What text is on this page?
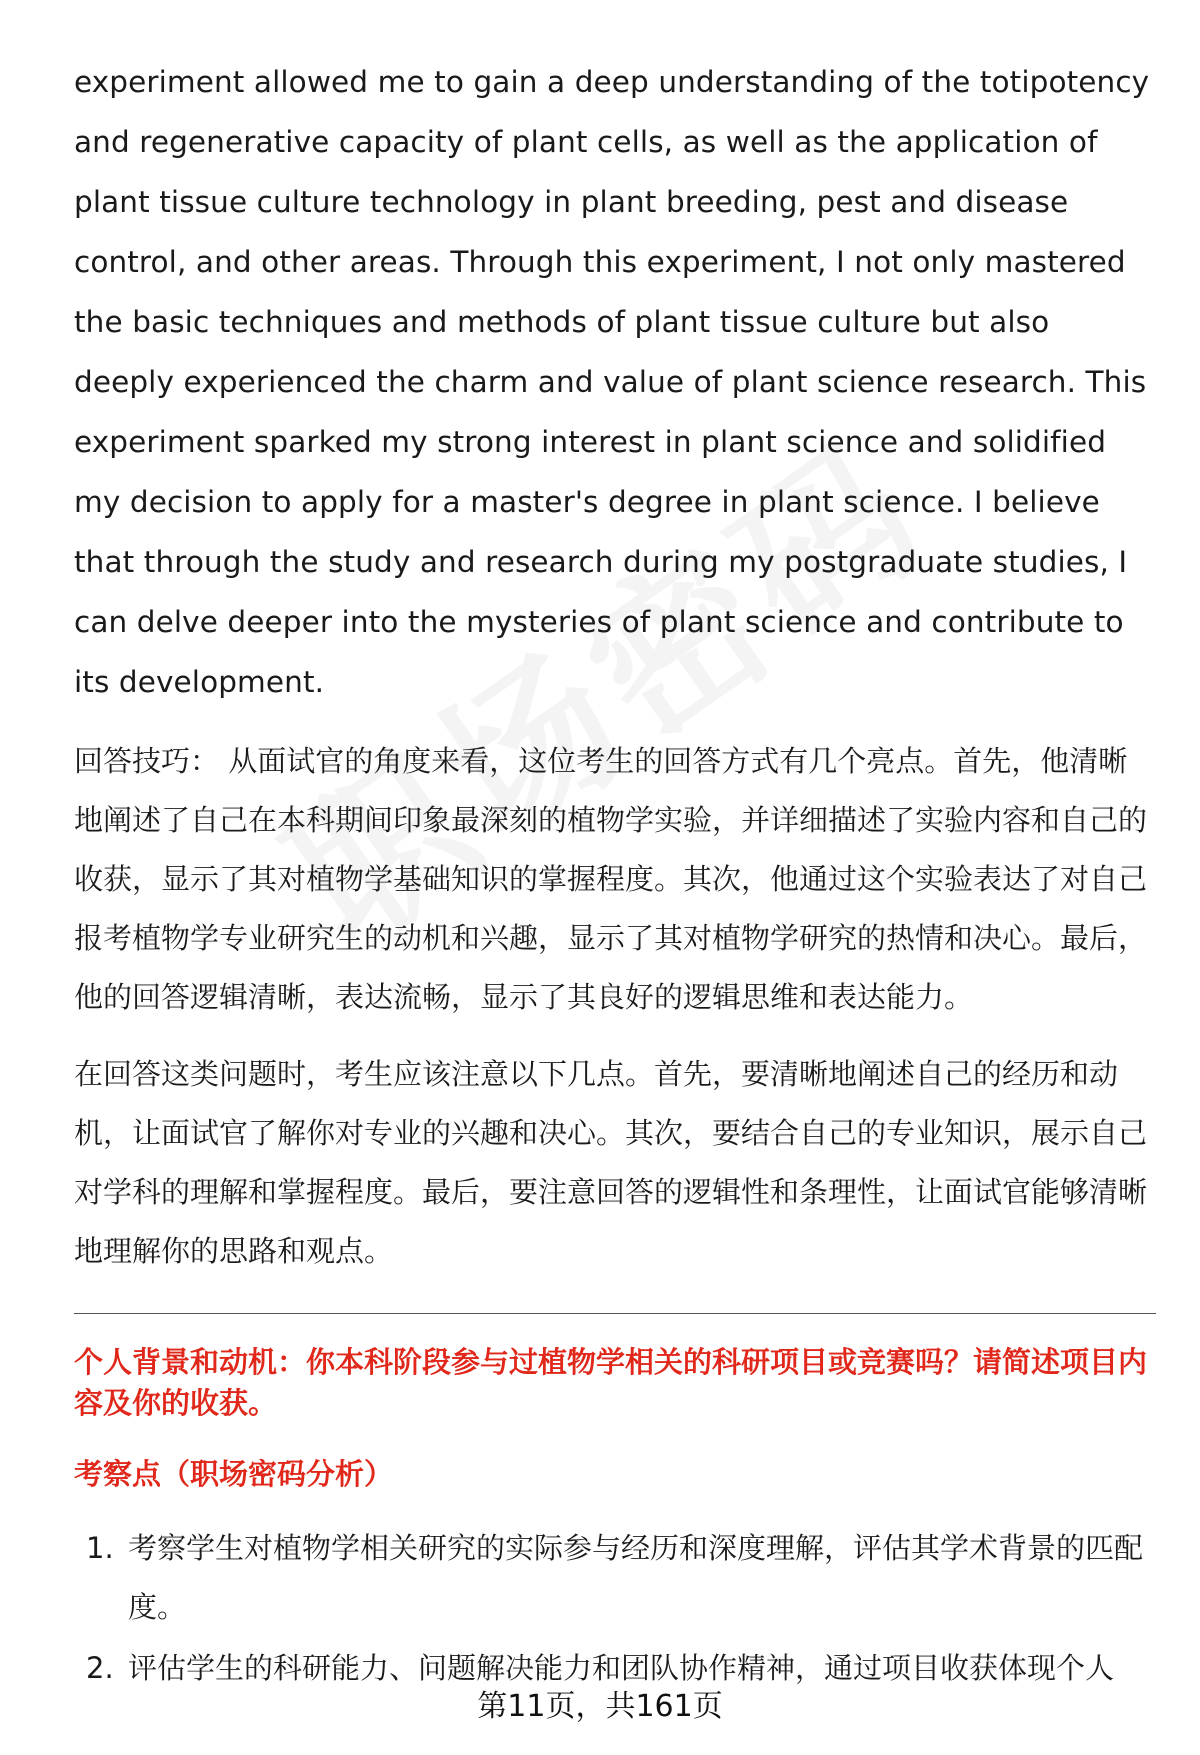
experiment allowed me to gain a deep understanding of the totipotency and regenerative capacity of plant cells, as well as the application of plant tissue culture technology in plant breeding, pest and disease control, and other areas. Through this experiment, I not only mastered the basic techniques and methods of plant tissue culture but also deeply experienced the charm and value of plant science research. This experiment sparked my strong interest in plant science and solidified my decision to apply for a master's degree in plant science. I believe that through the study and research during my postgraduate studies, I can delve deeper into the mysteries of plant science and contribute to its development.

回答技巧： 从面试官的角度来看，这位考生的回答方式有几个亮点。首先，他清晰地阐述了自己在本科期间印象最深刻的植物学实验，并详细描述了实验内容和自己的收获，显示了其对植物学基础知识的掌握程度。其次，他通过这个实验表达了对自己报考植物学专业研究生的动机和兴趣，显示了其对植物学研究的热情和决心。最后，他的回答逻辑清晰，表达流畅，显示了其良好的逻辑思维和表达能力。

在回答这类问题时，考生应该注意以下几点。首先，要清晰地阐述自己的经历和动机，让面试官了解你对专业的兴趣和决心。其次，要结合自己的专业知识，展示自己对学科的理解和掌握程度。最后，要注意回答的逻辑性和条理性，让面试官能够清晰地理解你的思路和观点。

个人背景和动机：你本科阶段参与过植物学相关的科研项目或竞赛吗？请简述项目内容及你的收获。
考察点（职场密码分析）
1. 考察学生对植物学相关研究的实际参与经历和深度理解，评估其学术背景的匹配度。
2. 评估学生的科研能力、问题解决能力和团队协作精神，通过项目收获体现个人
第11页，共161页
